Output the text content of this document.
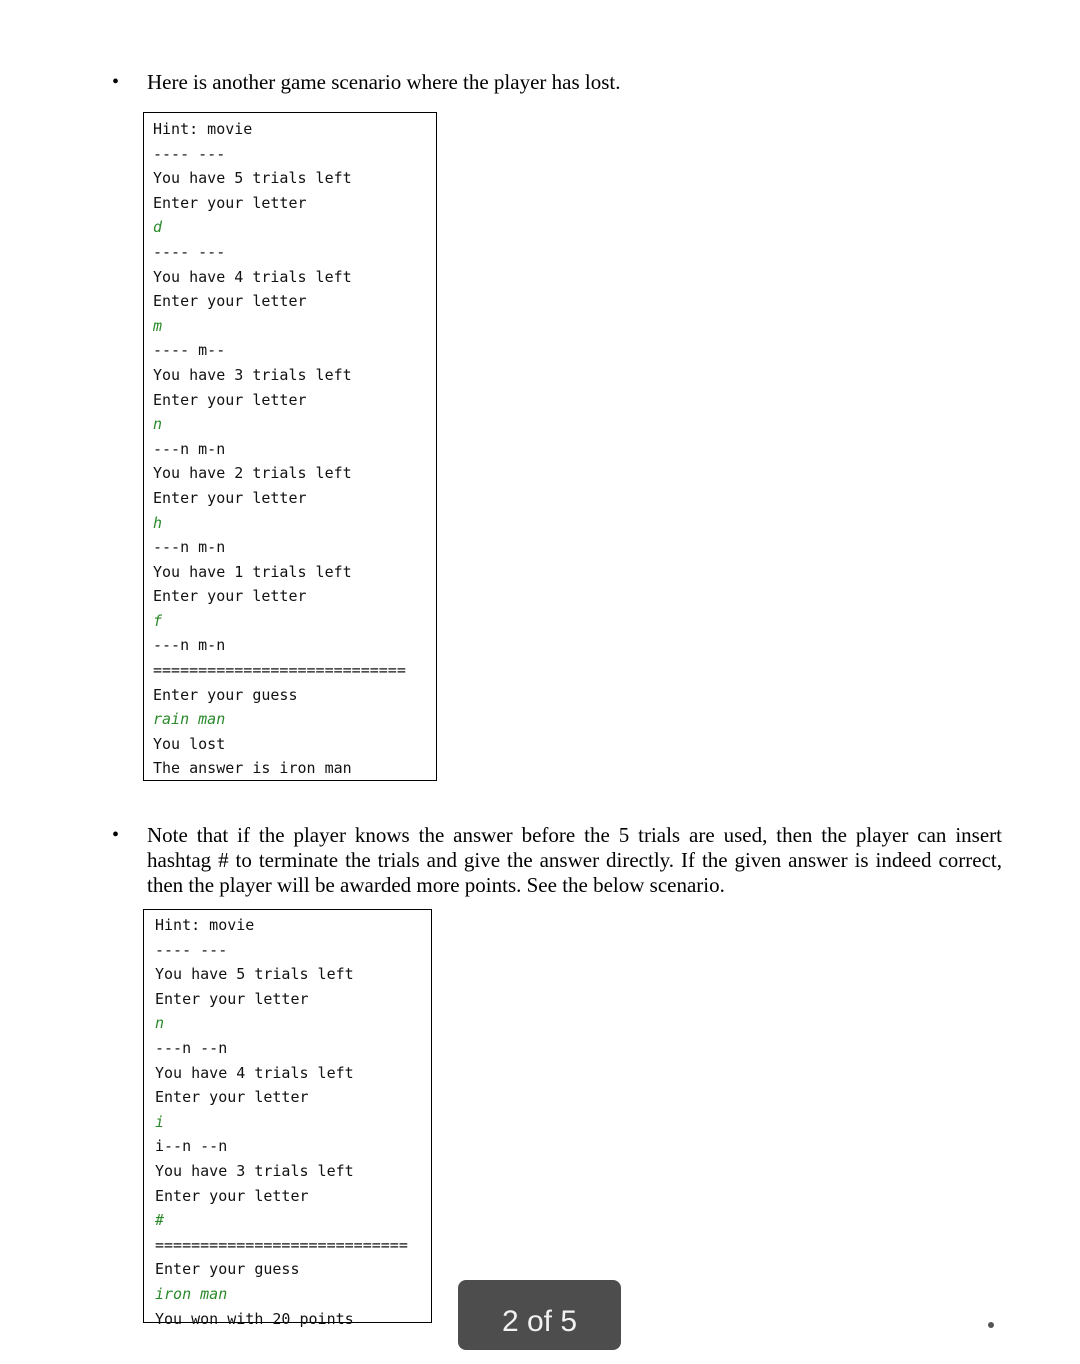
• Here is another game scenario where the player has lost.
Hint: movie
---- ---
You have 5 trials left
Enter your letter
d
---- ---
You have 4 trials left
Enter your letter
m
---- m--
You have 3 trials left
Enter your letter
n
---n m-n
You have 2 trials left
Enter your letter
h
---n m-n
You have 1 trials left
Enter your letter
f
---n m-n
============================
Enter your guess
rain man
You lost
The answer is iron man
• Note that if the player knows the answer before the 5 trials are used, then the player can insert hashtag # to terminate the trials and give the answer directly. If the given answer is indeed correct, then the player will be awarded more points. See the below scenario.
Hint: movie
---- ---
You have 5 trials left
Enter your letter
n
---n --n
You have 4 trials left
Enter your letter
i
i--n --n
You have 3 trials left
Enter your letter
#
============================
Enter your guess
iron man
You won with 20 points	2 of 5
